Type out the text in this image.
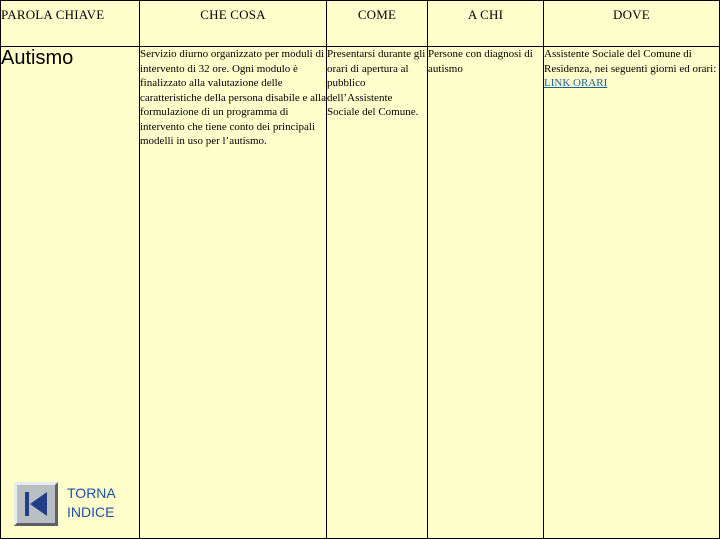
PAROLA CHIAVE	CHE COSA	COME	A CHI	DOVE

Autismo	Servizio diurno organizzato per moduli di intervento di 32 ore. Ogni modulo è finalizzato alla valutazione delle caratteristiche della persona disabile e alla formulazione di un programma di intervento che tiene conto dei principali modelli in uso per l’autismo.	Presentarsi durante gli orari di apertura al pubblico dell’Assistente Sociale del Comune.	Persone con diagnosi di autismo	Assistente Sociale del Comune di Residenza, nei seguenti giorni ed orari: LINK ORARI
TORNA
INDICE
